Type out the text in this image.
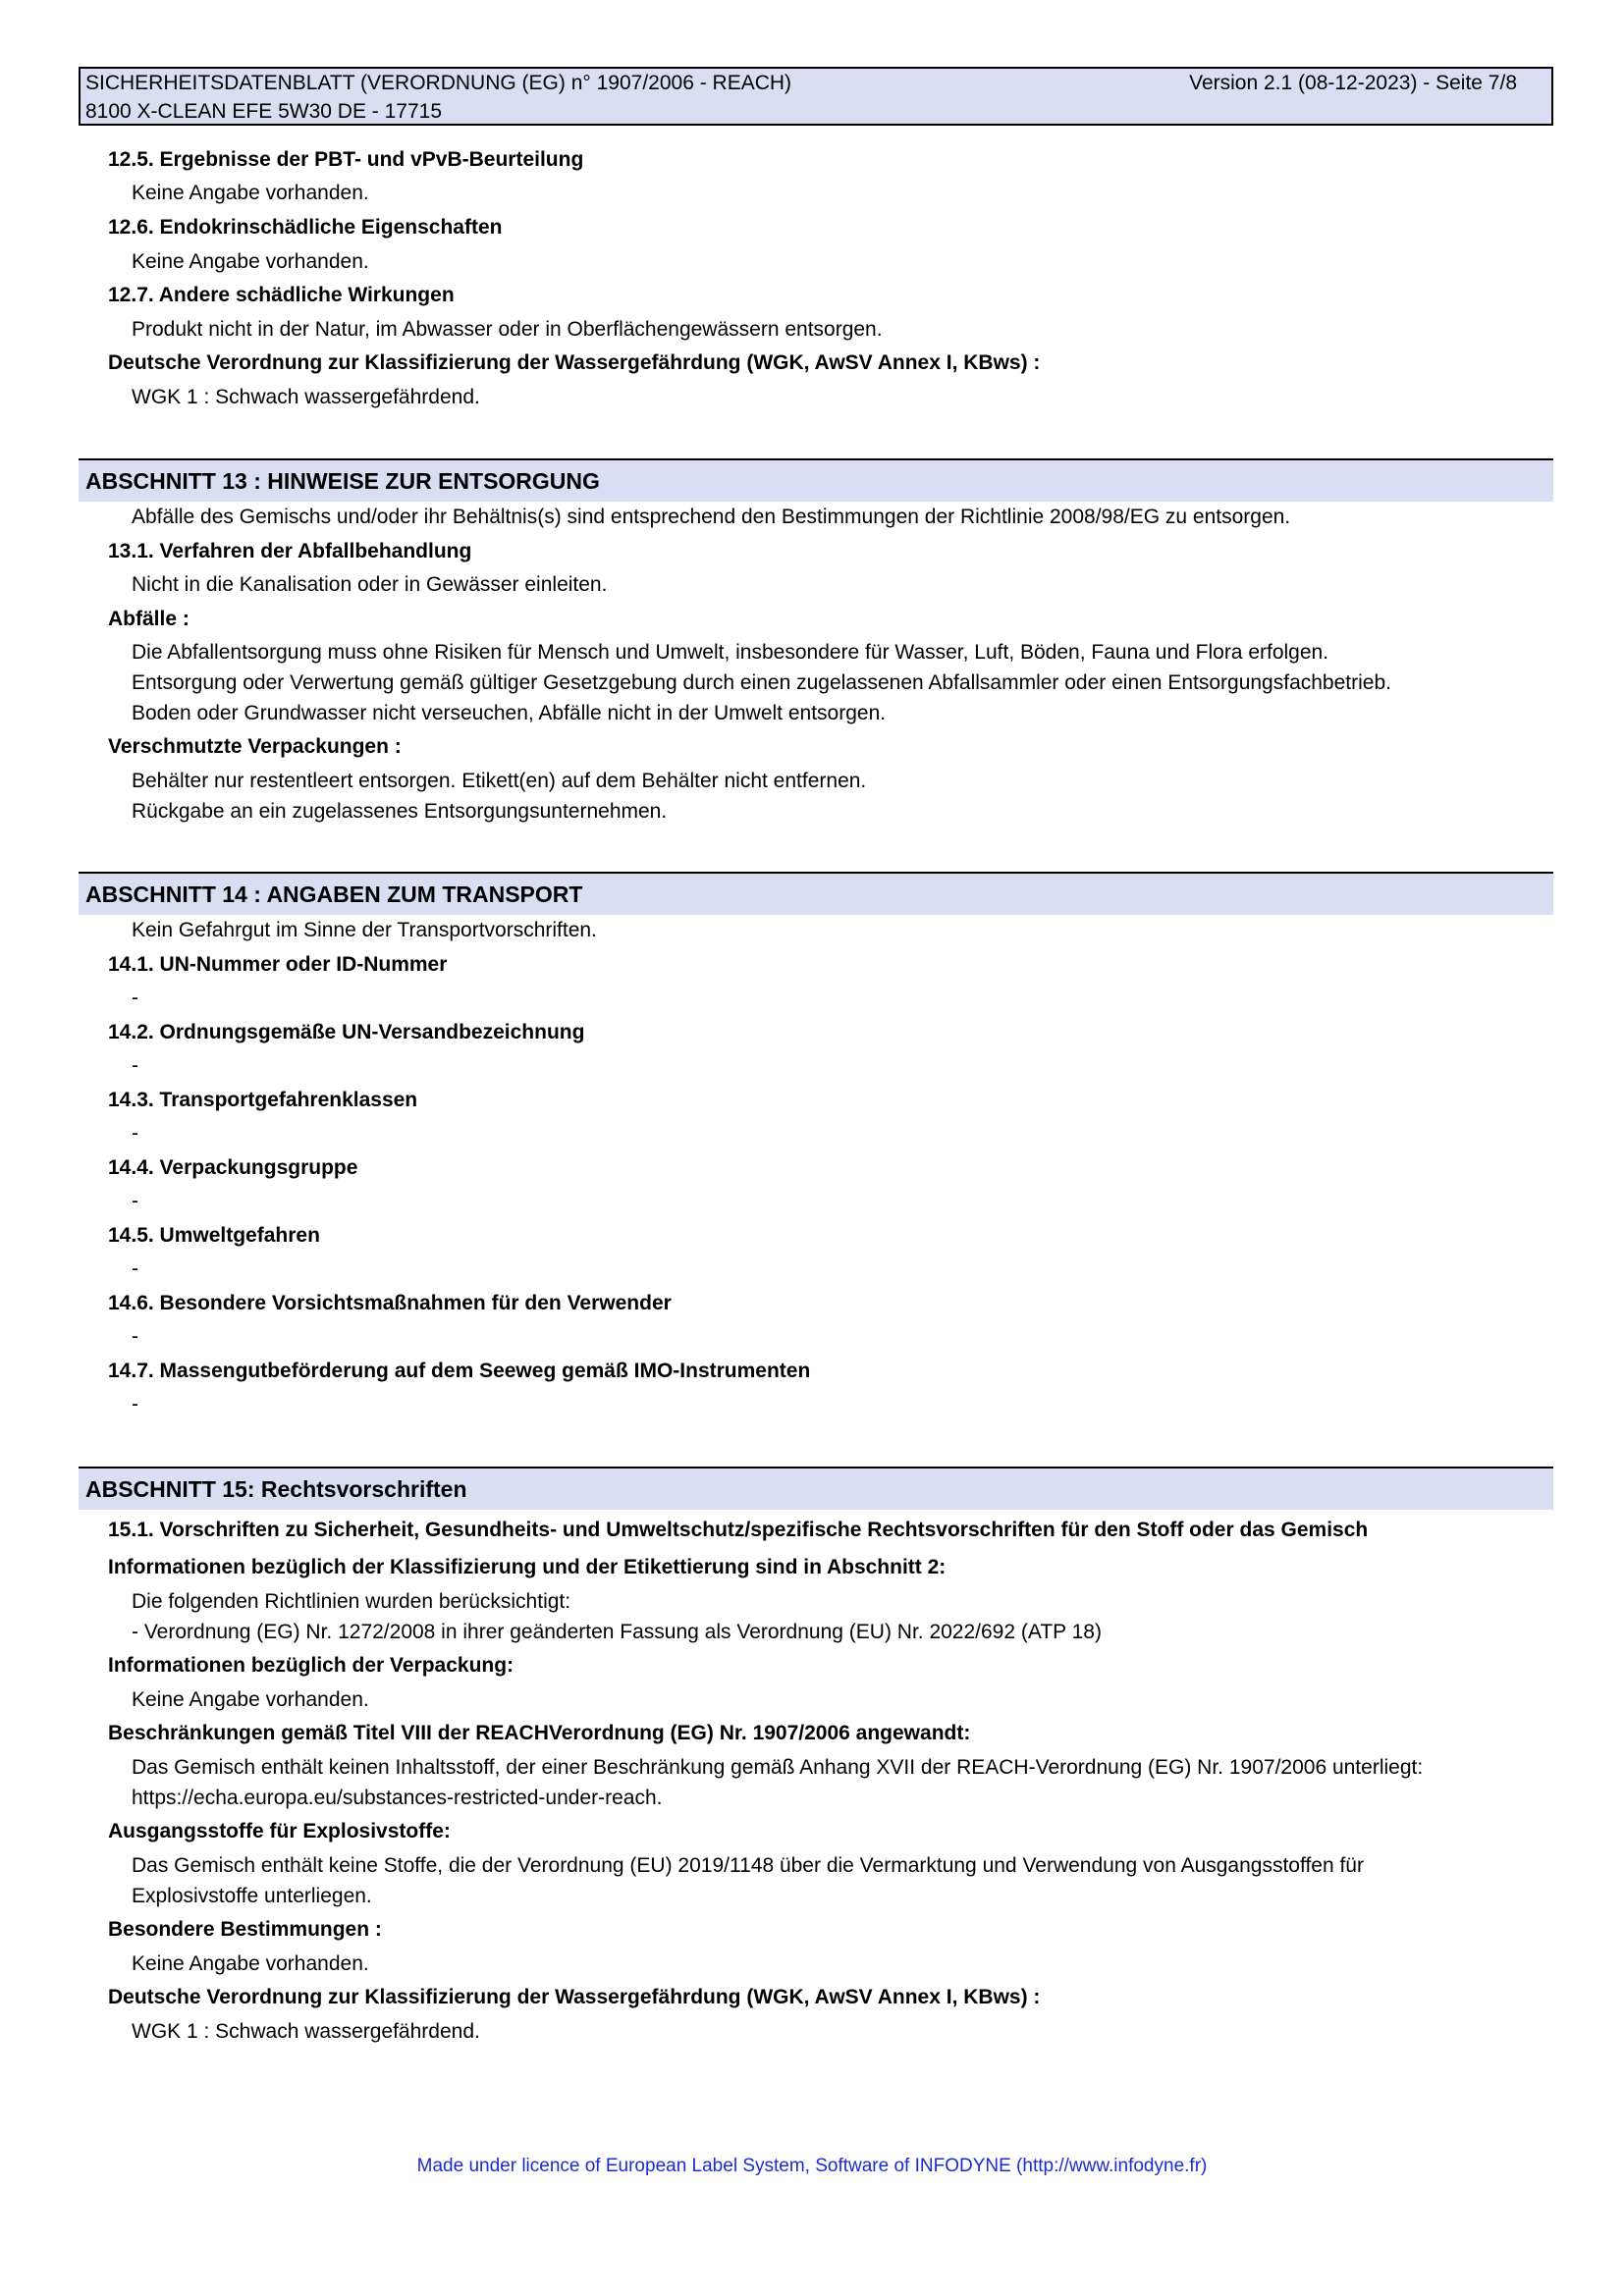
SICHERHEITSDATENBLATT (VERORDNUNG (EG) n° 1907/2006 - REACH)	Version 2.1 (08-12-2023) - Seite 7/8
8100 X-CLEAN EFE 5W30 DE - 17715
12.5. Ergebnisse der PBT- und vPvB-Beurteilung
Keine Angabe vorhanden.
12.6. Endokrinschädliche Eigenschaften
Keine Angabe vorhanden.
12.7. Andere schädliche Wirkungen
Produkt nicht in der Natur, im Abwasser oder in Oberflächengewässern entsorgen.
Deutsche Verordnung zur Klassifizierung der Wassergefährdung (WGK, AwSV Annex I, KBws) :
WGK 1 : Schwach wassergefährdend.
ABSCHNITT 13 : HINWEISE ZUR ENTSORGUNG
Abfälle des Gemischs und/oder ihr Behältnis(s) sind entsprechend den Bestimmungen der Richtlinie 2008/98/EG zu entsorgen.
13.1. Verfahren der Abfallbehandlung
Nicht in die Kanalisation oder in Gewässer einleiten.
Abfälle :
Die Abfallentsorgung muss ohne Risiken für Mensch und Umwelt, insbesondere für Wasser, Luft, Böden, Fauna und Flora erfolgen.
Entsorgung oder Verwertung gemäß gültiger Gesetzgebung durch einen zugelassenen Abfallsammler oder einen Entsorgungsfachbetrieb.
Boden oder Grundwasser nicht verseuchen, Abfälle nicht in der Umwelt entsorgen.
Verschmutzte Verpackungen :
Behälter nur restentleert entsorgen. Etikett(en) auf dem Behälter nicht entfernen.
Rückgabe an ein zugelassenes Entsorgungsunternehmen.
ABSCHNITT 14 : ANGABEN ZUM TRANSPORT
Kein Gefahrgut im Sinne der Transportvorschriften.
14.1. UN-Nummer oder ID-Nummer
-
14.2. Ordnungsgemäße UN-Versandbezeichnung
-
14.3. Transportgefahrenklassen
-
14.4. Verpackungsgruppe
-
14.5. Umweltgefahren
-
14.6. Besondere Vorsichtsmaßnahmen für den Verwender
-
14.7. Massengutbeförderung auf dem Seeweg gemäß IMO-Instrumenten
-
ABSCHNITT 15: Rechtsvorschriften
15.1. Vorschriften zu Sicherheit, Gesundheits- und Umweltschutz/spezifische Rechtsvorschriften für den Stoff oder das Gemisch
Informationen bezüglich der Klassifizierung und der Etikettierung sind in Abschnitt 2:
Die folgenden Richtlinien wurden berücksichtigt:
- Verordnung (EG) Nr. 1272/2008 in ihrer geänderten Fassung als Verordnung (EU) Nr. 2022/692 (ATP 18)
Informationen bezüglich der Verpackung:
Keine Angabe vorhanden.
Beschränkungen gemäß Titel VIII der REACHVerordnung (EG) Nr. 1907/2006 angewandt:
Das Gemisch enthält keinen Inhaltsstoff, der einer Beschränkung gemäß Anhang XVII der REACH-Verordnung (EG) Nr. 1907/2006 unterliegt:
https://echa.europa.eu/substances-restricted-under-reach.
Ausgangsstoffe für Explosivstoffe:
Das Gemisch enthält keine Stoffe, die der Verordnung (EU) 2019/1148 über die Vermarktung und Verwendung von Ausgangsstoffen für
Explosivstoffe unterliegen.
Besondere Bestimmungen :
Keine Angabe vorhanden.
Deutsche Verordnung zur Klassifizierung der Wassergefährdung (WGK, AwSV Annex I, KBws) :
WGK 1 : Schwach wassergefährdend.
Made under licence of European Label System, Software of INFODYNE (http://www.infodyne.fr)
